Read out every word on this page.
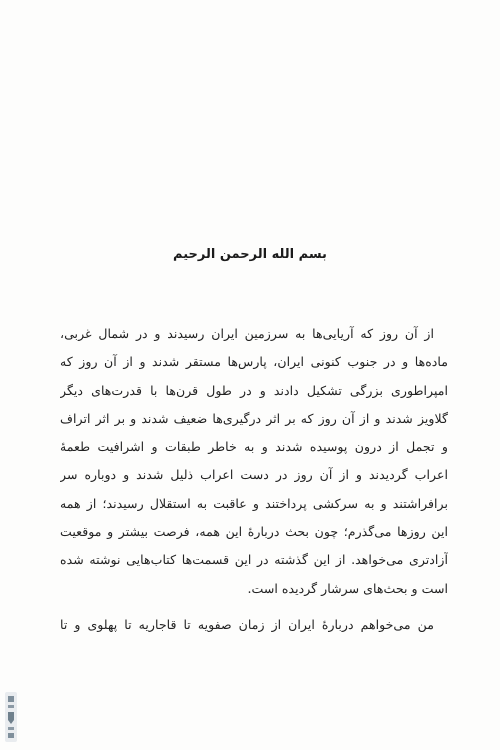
بسم الله الرحمن الرحیم
از آن روز که آریایی‌ها به سرزمین ایران رسیدند و در شمال غربی،
ماده‌ها و در جنوب کنونی ایران، پارس‌ها مستقر شدند و از آن روز که
امپراطوری بزرگی تشکیل دادند و در طول قرن‌ها با قدرت‌های دیگر
گلاویز شدند و از آن روز که بر اثر درگیری‌ها ضعیف شدند و بر اثر اتراف
و تجمل از درون پوسیده شدند و به خاطر طبقات و اشرافیت طعمهٔ
اعراب گردیدند و از آن روز در دست اعراب ذلیل شدند و دوباره سر
برافراشتند و به سرکشی پرداختند و عاقبت به استقلال رسیدند؛ از همه
این روزها می‌گذرم؛ چون بحث دربارهٔ این همه، فرصت بیشتر و موقعیت
آزادتری می‌خواهد. از این گذشته در این قسمت‌ها کتاب‌هایی نوشته شده
است و بحث‌های سرشار گردیده است.
من می‌خواهم دربارهٔ ایران از زمان صفویه تا قاجاریه تا پهلوی و تا
